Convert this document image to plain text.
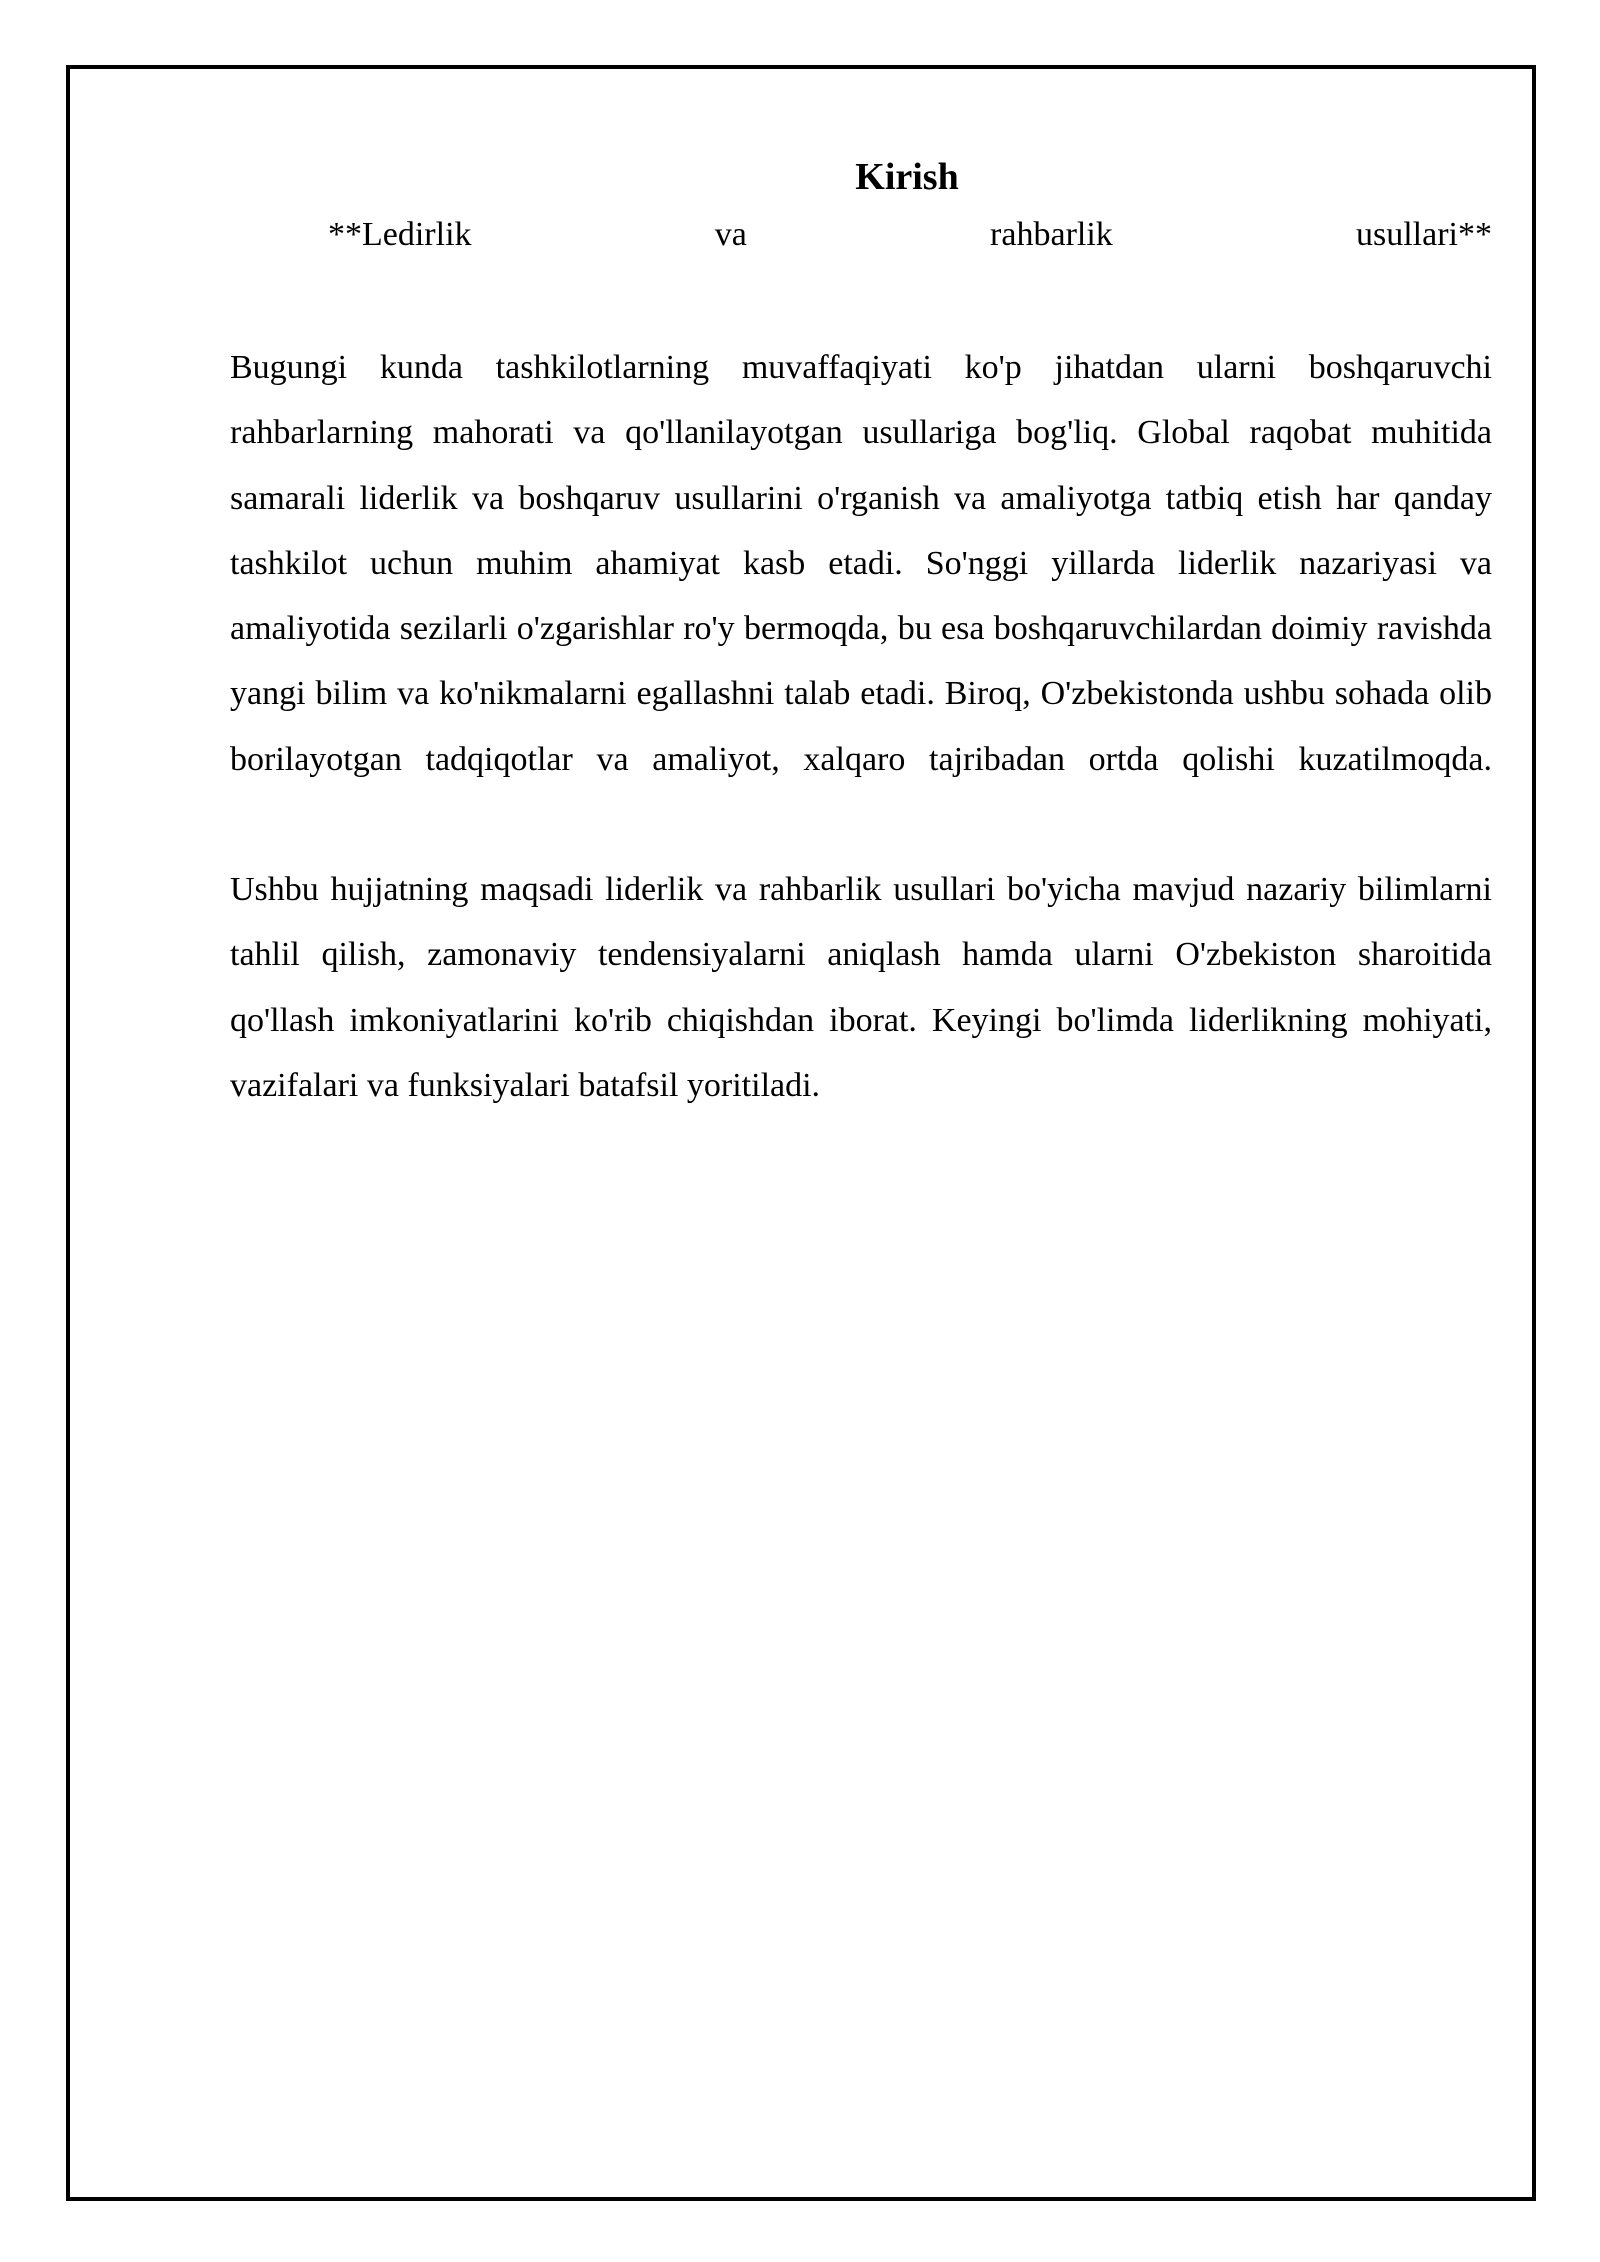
Kirish
**Ledirlik va rahbarlik usullari**

Bugungi kunda tashkilotlarning muvaffaqiyati ko'p jihatdan ularni boshqaruvchi rahbarlarning mahorati va qo'llanilayotgan usullariga bog'liq. Global raqobat muhitida samarali liderlik va boshqaruv usullarini o'rganish va amaliyotga tatbiq etish har qanday tashkilot uchun muhim ahamiyat kasb etadi. So'nggi yillarda liderlik nazariyasi va amaliyotida sezilarli o'zgarishlar ro'y bermoqda, bu esa boshqaruvchilardan doimiy ravishda yangi bilim va ko'nikmalarni egallashni talab etadi. Biroq, O'zbekistonda ushbu sohada olib borilayotgan tadqiqotlar va amaliyot, xalqaro tajribadan ortda qolishi kuzatilmoqda.

Ushbu hujjatning maqsadi liderlik va rahbarlik usullari bo'yicha mavjud nazariy bilimlarni tahlil qilish, zamonaviy tendensiyalarni aniqlash hamda ularni O'zbekiston sharoitida qo'llash imkoniyatlarini ko'rib chiqishdan iborat. Keyingi bo'limda liderlikning mohiyati, vazifalari va funksiyalari batafsil yoritiladi.
